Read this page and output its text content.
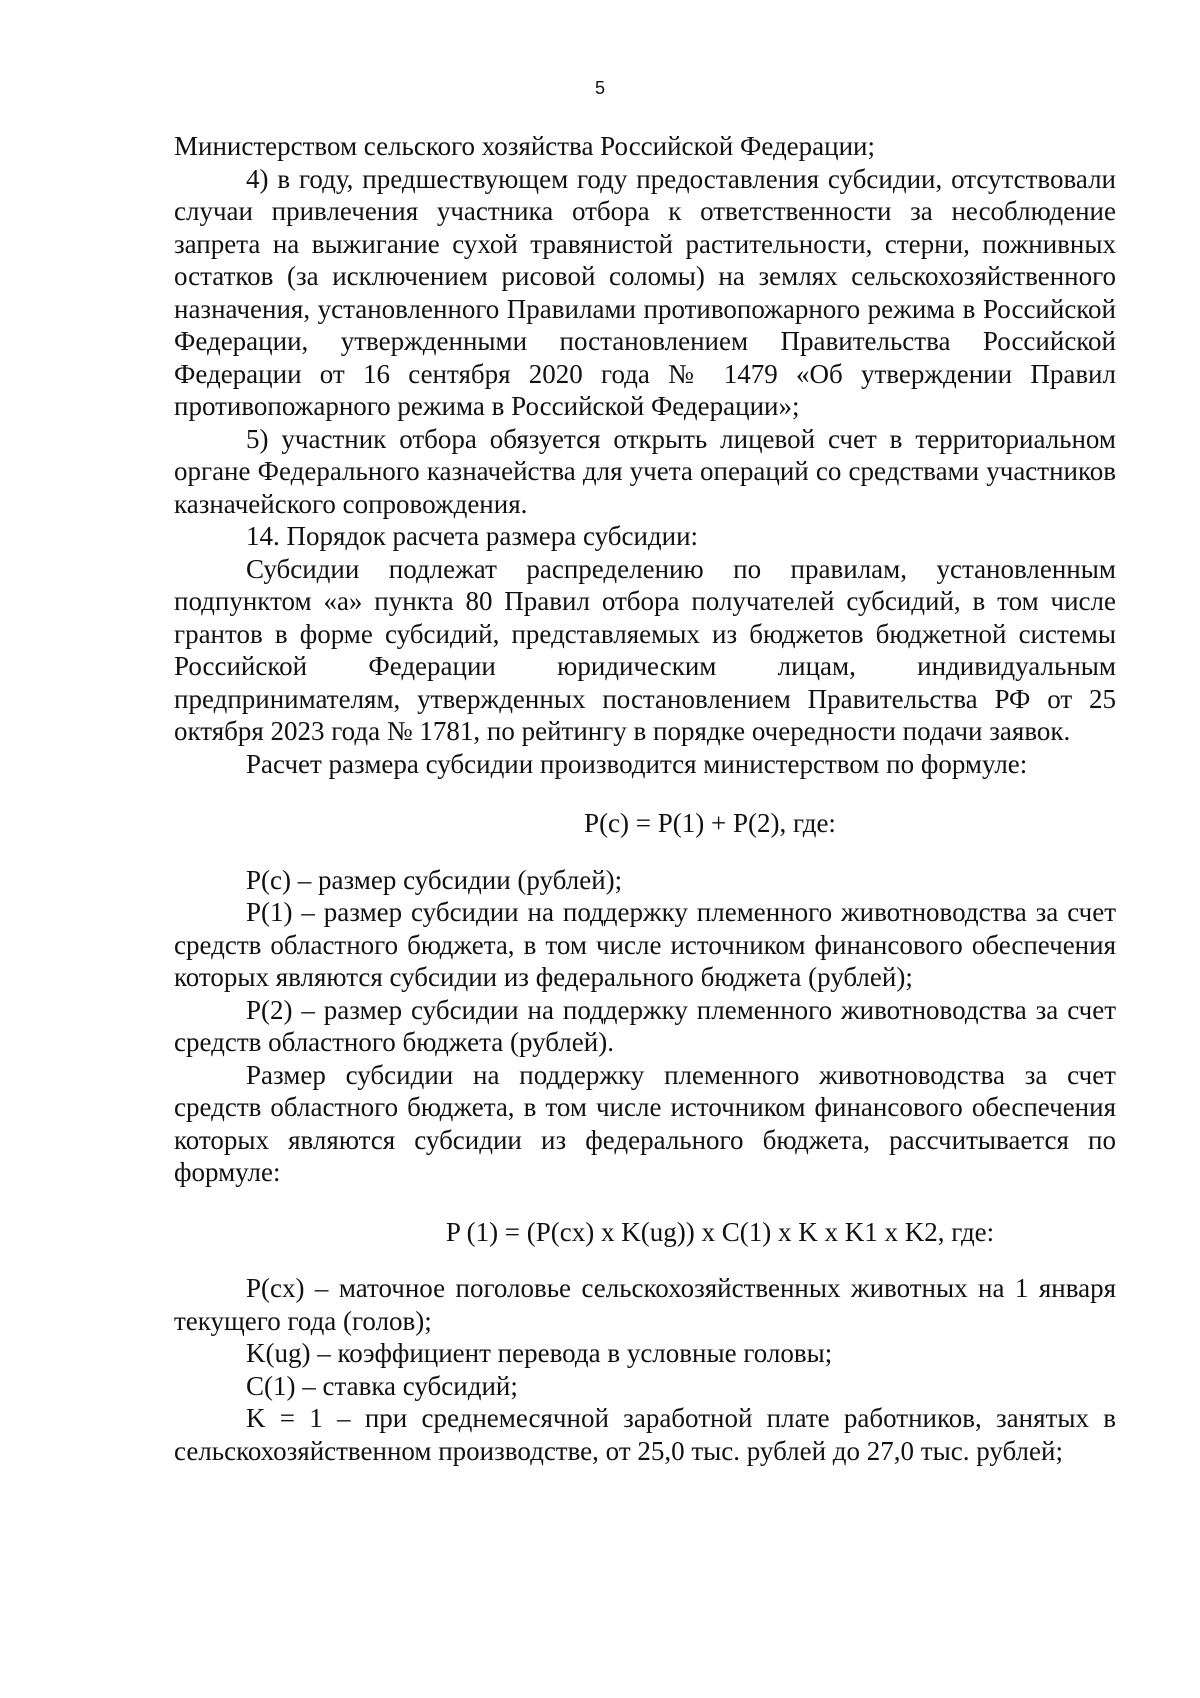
5

Министерством сельского хозяйства Российской Федерации;

4) в году, предшествующем году предоставления субсидии, отсутствовали случаи привлечения участника отбора к ответственности за несоблюдение запрета на выжигание сухой травянистой растительности, стерни, пожнивных остатков (за исключением рисовой соломы) на землях сельскохозяйственного назначения, установленного Правилами противопожарного режима в Российской Федерации, утвержденными постановлением Правительства Российской Федерации от 16 сентября 2020 года № 1479 «Об утверждении Правил противопожарного режима в Российской Федерации»;

5) участник отбора обязуется открыть лицевой счет в территориальном органе Федерального казначейства для учета операций со средствами участников казначейского сопровождения.

14. Порядок расчета размера субсидии:

Субсидии подлежат распределению по правилам, установленным подпунктом «а» пункта 80 Правил отбора получателей субсидий, в том числе грантов в форме субсидий, представляемых из бюджетов бюджетной системы Российской Федерации юридическим лицам, индивидуальным предпринимателям, утвержденных постановлением Правительства РФ от 25 октября 2023 года № 1781, по рейтингу в порядке очередности подачи заявок.

Расчет размера субсидии производится министерством по формуле:

P(c) = P(1) + P(2), где:

P(c) – размер субсидии (рублей);

P(1) – размер субсидии на поддержку племенного животноводства за счет средств областного бюджета, в том числе источником финансового обеспечения которых являются субсидии из федерального бюджета (рублей);

P(2) – размер субсидии на поддержку племенного животноводства за счет средств областного бюджета (рублей).

Размер субсидии на поддержку племенного животноводства за счет средств областного бюджета, в том числе источником финансового обеспечения которых являются субсидии из федерального бюджета, рассчитывается по формуле:

P (1) = (P(cx) x K(ug)) x C(1) x K x K1 x K2, где:

P(cx) – маточное поголовье сельскохозяйственных животных на 1 января текущего года (голов);

K(ug) – коэффициент перевода в условные головы;

C(1) – ставка субсидий;

K = 1 – при среднемесячной заработной плате работников, занятых в сельскохозяйственном производстве, от 25,0 тыс. рублей до 27,0 тыс. рублей;
